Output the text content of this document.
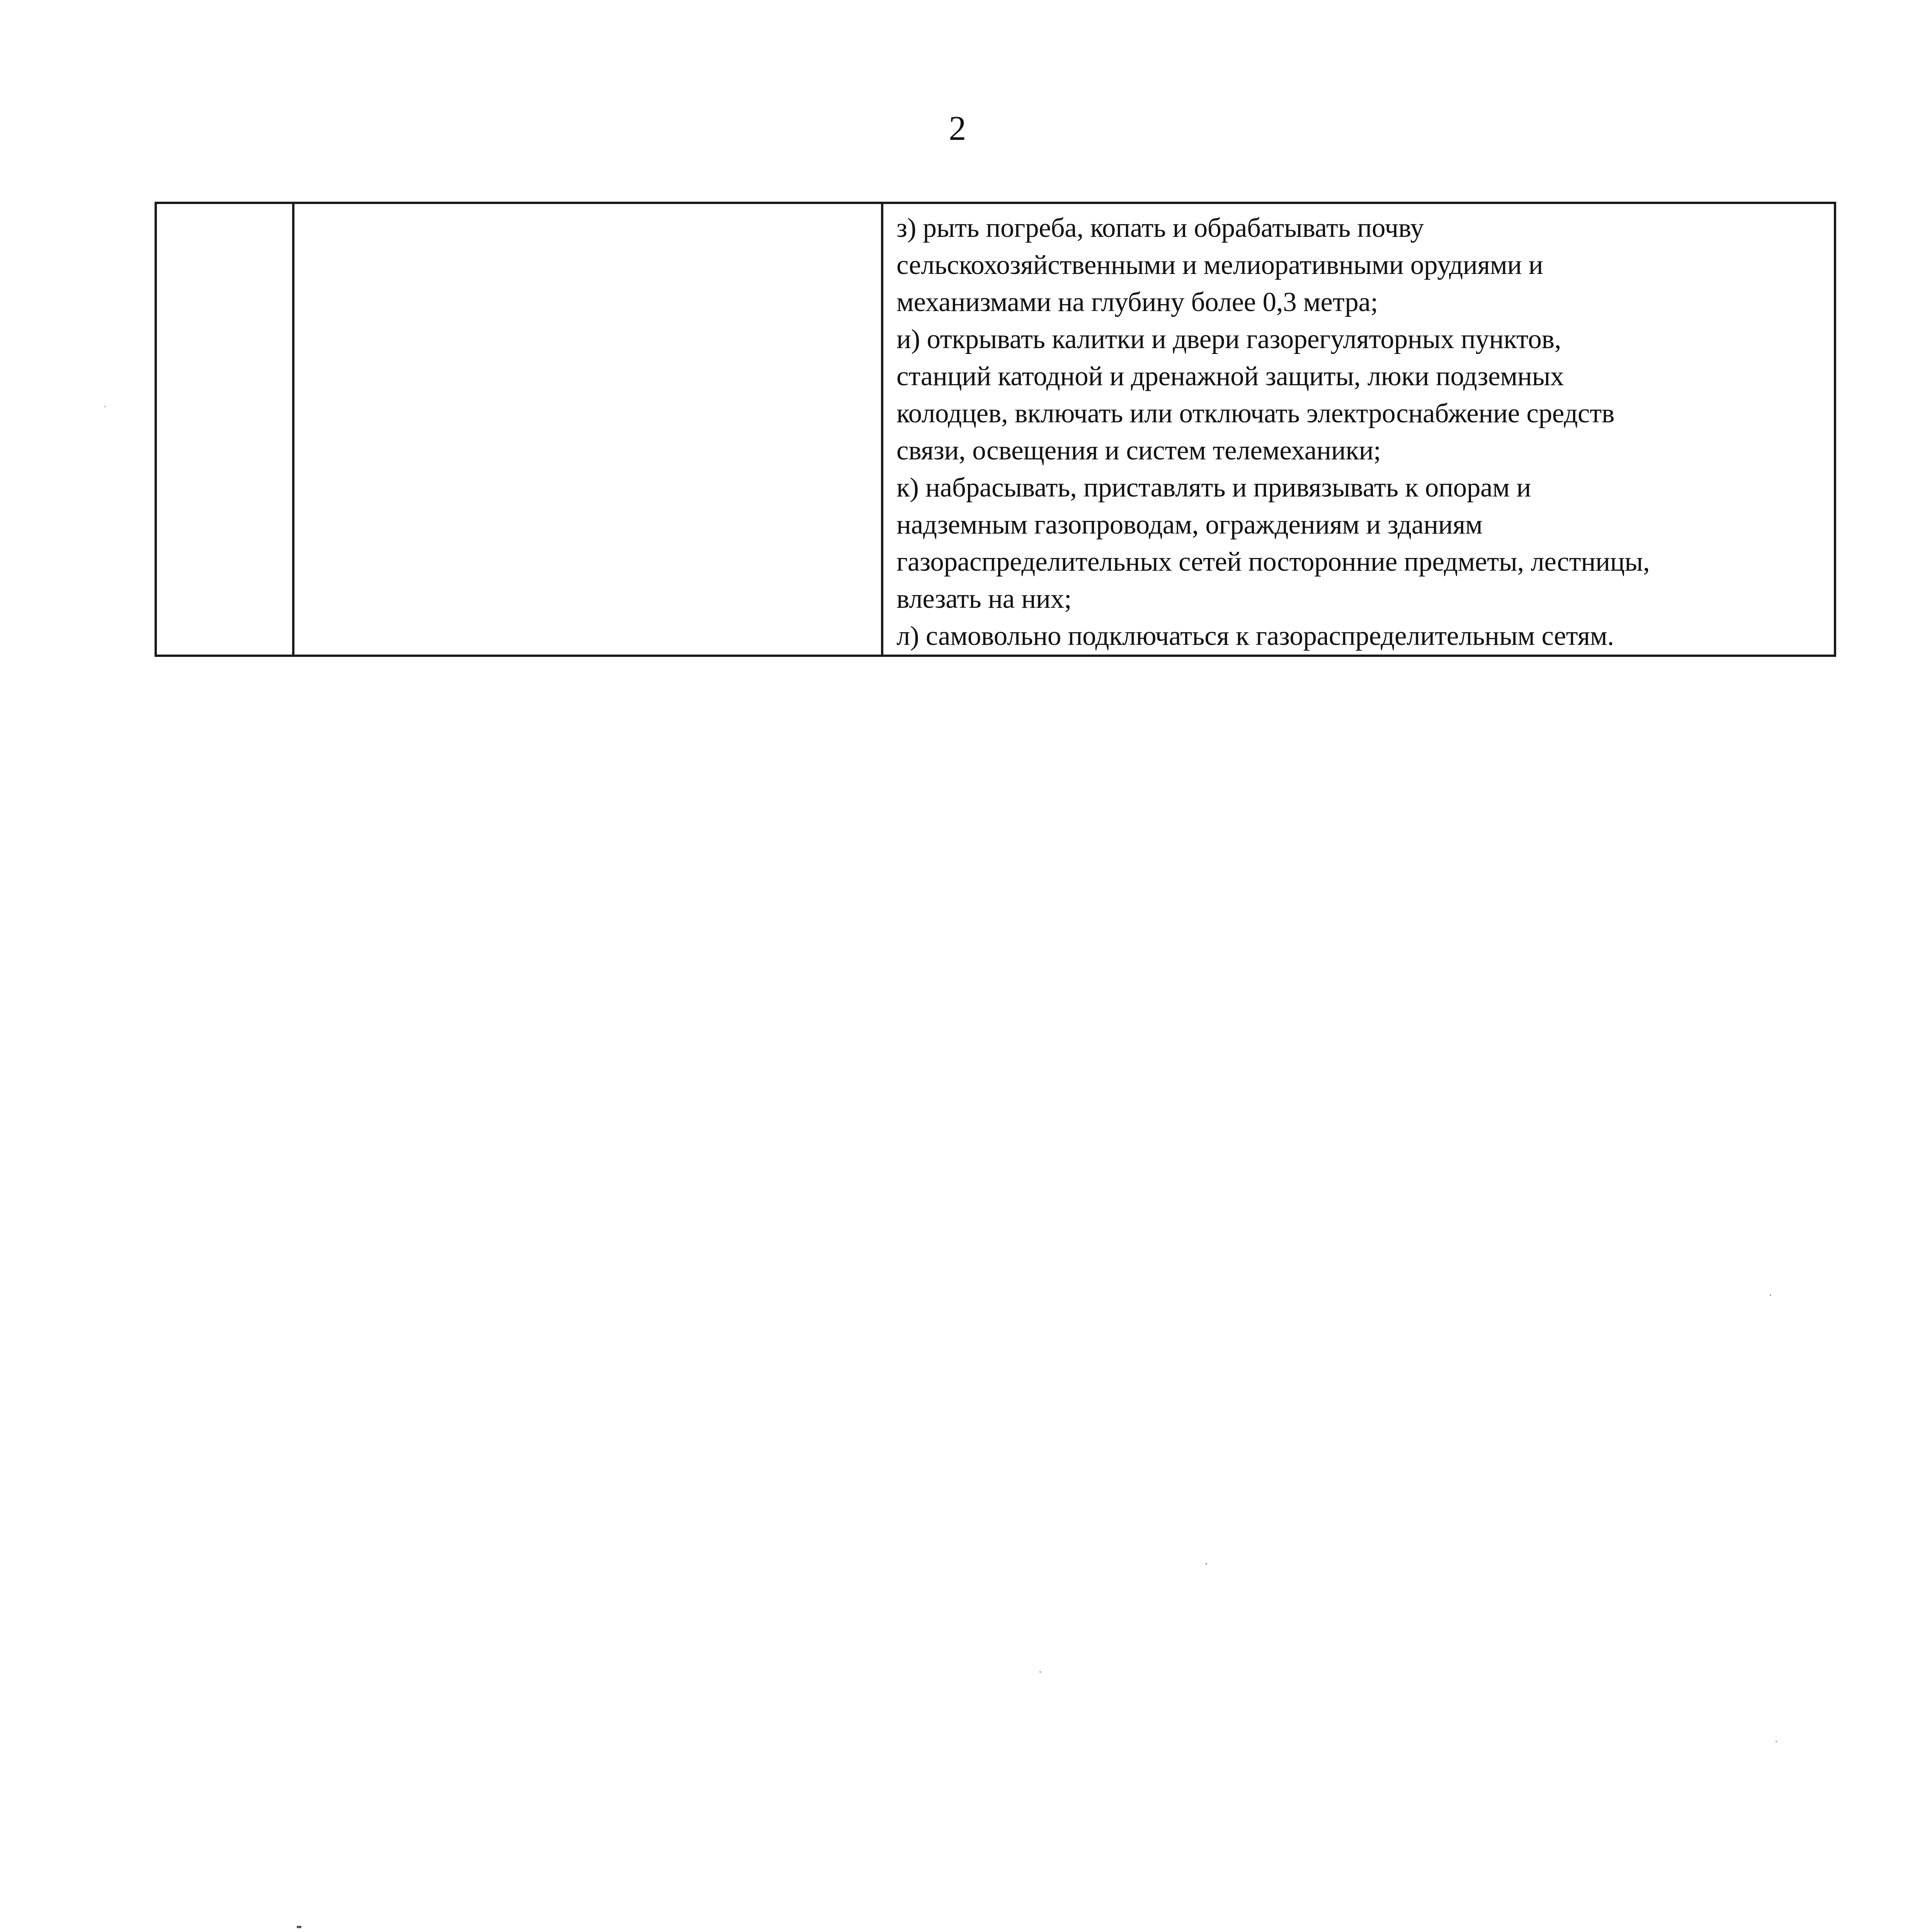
2

з) рыть погреба, копать и обрабатывать почву
сельскохозяйственными и мелиоративными орудиями и
механизмами на глубину более 0,3 метра;
и) открывать калитки и двери газорегуляторных пунктов,
станций катодной и дренажной защиты, люки подземных
колодцев, включать или отключать электроснабжение средств
связи, освещения и систем телемеханики;
к) набрасывать, приставлять и привязывать к опорам и
надземным газопроводам, ограждениям и зданиям
газораспределительных сетей посторонние предметы, лестницы,
влезать на них;
л) самовольно подключаться к газораспределительным сетям.
